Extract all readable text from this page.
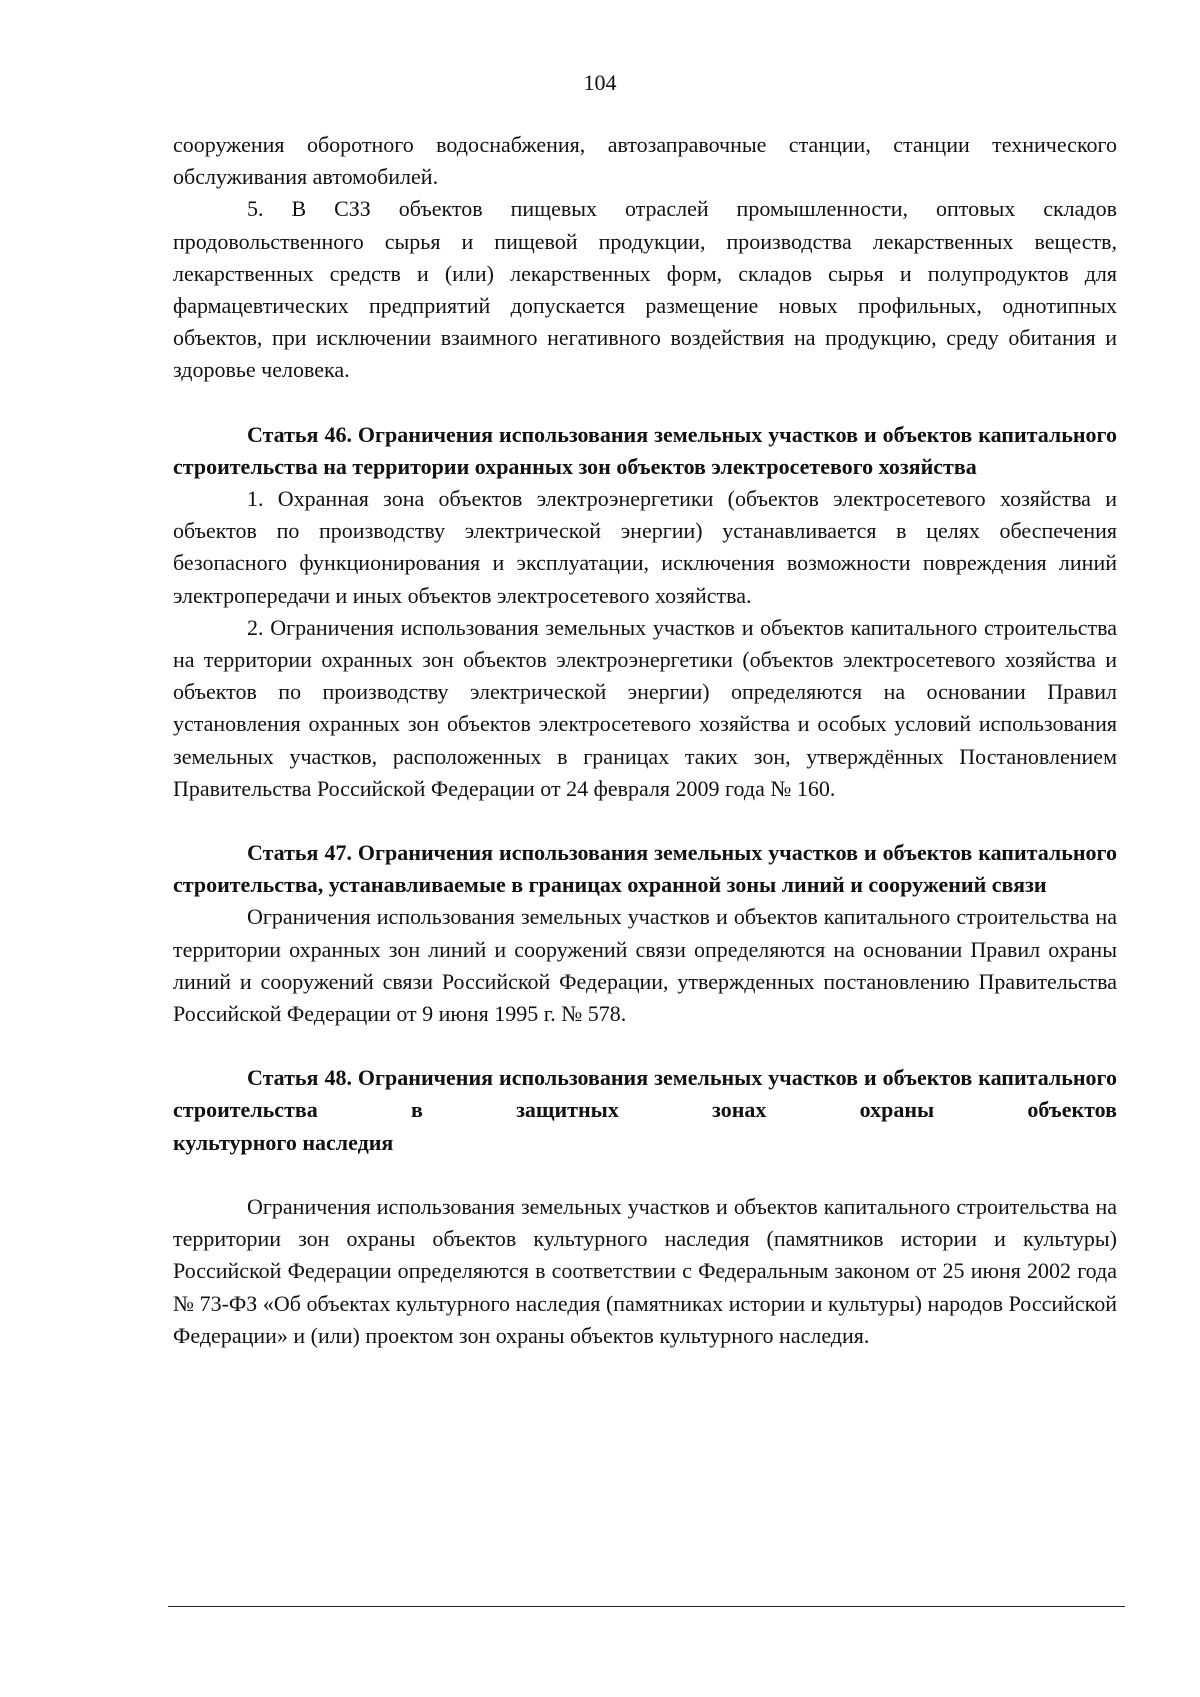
104

сооружения оборотного водоснабжения, автозаправочные станции, станции технического обслуживания автомобилей.

5. В СЗЗ объектов пищевых отраслей промышленности, оптовых складов продовольственного сырья и пищевой продукции, производства лекарственных веществ, лекарственных средств и (или) лекарственных форм, складов сырья и полупродуктов для фармацевтических предприятий допускается размещение новых профильных, однотипных объектов, при исключении взаимного негативного воздействия на продукцию, среду обитания и здоровье человека.

Статья 46. Ограничения использования земельных участков и объектов капитального строительства на территории охранных зон объектов электросетевого хозяйства

1. Охранная зона объектов электроэнергетики (объектов электросетевого хозяйства и объектов по производству электрической энергии) устанавливается в целях обеспечения безопасного функционирования и эксплуатации, исключения возможности повреждения линий электропередачи и иных объектов электросетевого хозяйства.

2. Ограничения использования земельных участков и объектов капитального строительства на территории охранных зон объектов электроэнергетики (объектов электросетевого хозяйства и объектов по производству электрической энергии) определяются на основании Правил установления охранных зон объектов электросетевого хозяйства и особых условий использования земельных участков, расположенных в границах таких зон, утверждённых Постановлением Правительства Российской Федерации от 24 февраля 2009 года № 160.

Статья 47. Ограничения использования земельных участков и объектов капитального строительства, устанавливаемые в границах охранной зоны линий и сооружений связи

Ограничения использования земельных участков и объектов капитального строительства на территории охранных зон линий и сооружений связи определяются на основании Правил охраны линий и сооружений связи Российской Федерации, утвержденных постановлению Правительства Российской Федерации от 9 июня 1995 г. № 578.

Статья 48. Ограничения использования земельных участков и объектов капитального строительства в защитных зонах охраны объектов
культурного наследия

Ограничения использования земельных участков и объектов капитального строительства на территории зон охраны объектов культурного наследия (памятников истории и культуры) Российской Федерации определяются в соответствии с Федеральным законом от 25 июня 2002 года

№ 73-ФЗ «Об объектах культурного наследия (памятниках истории и культуры) народов Российской Федерации» и (или) проектом зон охраны объектов культурного наследия.
